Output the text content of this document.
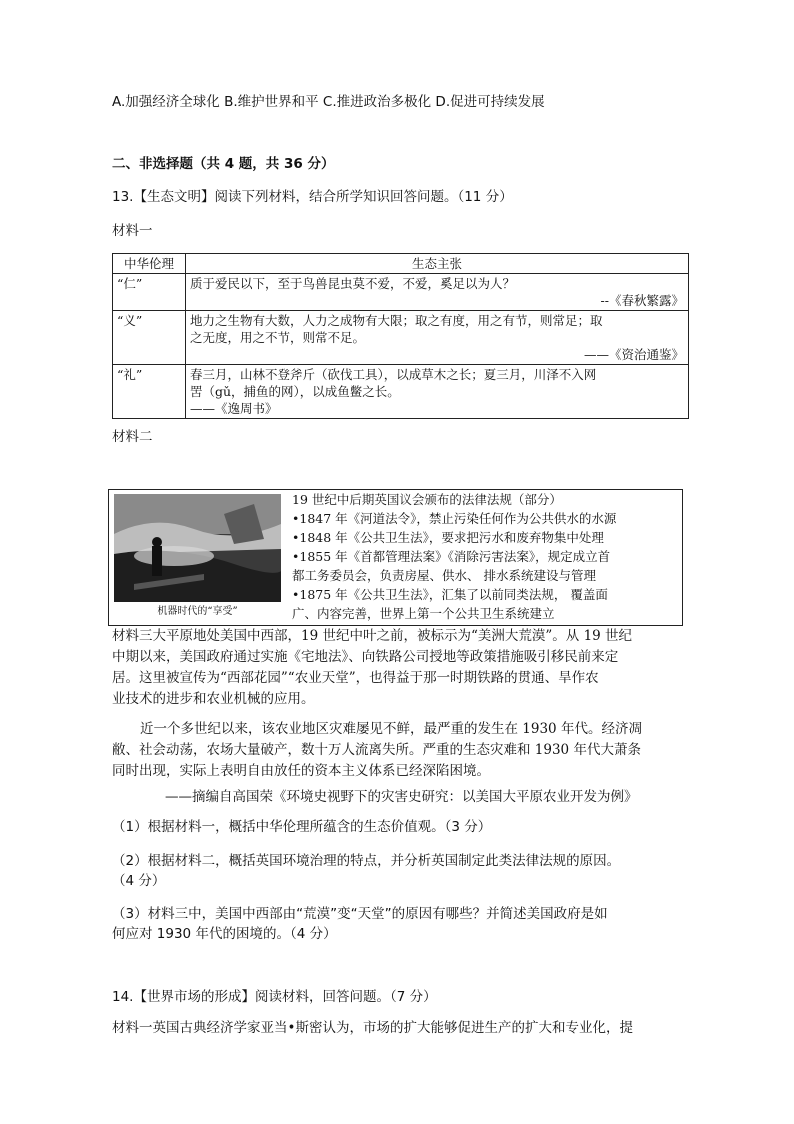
A.加强经济全球化 B.维护世界和平 C.推进政治多极化 D.促进可持续发展
二、非选择题（共 4 题，共 36 分）
13.【生态文明】阅读下列材料，结合所学知识回答问题。（11 分）
材料一
中华伦理	生态主张
“仁”	质于爱民以下，至于鸟兽昆虫莫不爱，不爱，奚足以为人？
--《春秋繁露》

“义”	地力之生物有大数，人力之成物有大限；取之有度，用之有节，则常足；取
之无度，用之不节，则常不足。
——《资治通鉴》

“礼”	春三月，山林不登斧斤（砍伐工具），以成草木之长；夏三月，川泽不入网
罟（gǔ，捕鱼的网），以成鱼鳖之长。
——《逸周书》
材料二
机器时代的“享受”
19 世纪中后期英国议会颁布的法律法规（部分）
•1847 年《河道法令》，禁止污染任何作为公共供水的水源
•1848 年《公共卫生法》，要求把污水和废弃物集中处理
•1855 年《首都管理法案》《消除污害法案》，规定成立首
都工务委员会，负责房屋、供水、 排水系统建设与管理
•1875 年《公共卫生法》，汇集了以前同类法规， 覆盖面
广、内容完善，世界上第一个公共卫生系统建立
材料三大平原地处美国中西部，19 世纪中叶之前，被标示为“美洲大荒漠”。从 19 世纪
中期以来，美国政府通过实施《宅地法》、向铁路公司授地等政策措施吸引移民前来定
居。这里被宣传为“西部花园”“农业天堂”，也得益于那一时期铁路的贯通、旱作农
业技术的进步和农业机械的应用。
近一个多世纪以来，该农业地区灾难屡见不鲜，最严重的发生在 1930 年代。经济凋
敝、社会动荡，农场大量破产，数十万人流离失所。严重的生态灾难和 1930 年代大萧条
同时出现，实际上表明自由放任的资本主义体系已经深陷困境。
——摘编自高国荣《环境史视野下的灾害史研究：以美国大平原农业开发为例》
（1）根据材料一，概括中华伦理所蕴含的生态价值观。（3 分）
（2）根据材料二，概括英国环境治理的特点，并分析英国制定此类法律法规的原因。
（4 分）
（3）材料三中，美国中西部由“荒漠”变“天堂”的原因有哪些？并简述美国政府是如
何应对 1930 年代的困境的。（4 分）
14.【世界市场的形成】阅读材料，回答问题。（7 分）
材料一英国古典经济学家亚当•斯密认为，市场的扩大能够促进生产的扩大和专业化，提
